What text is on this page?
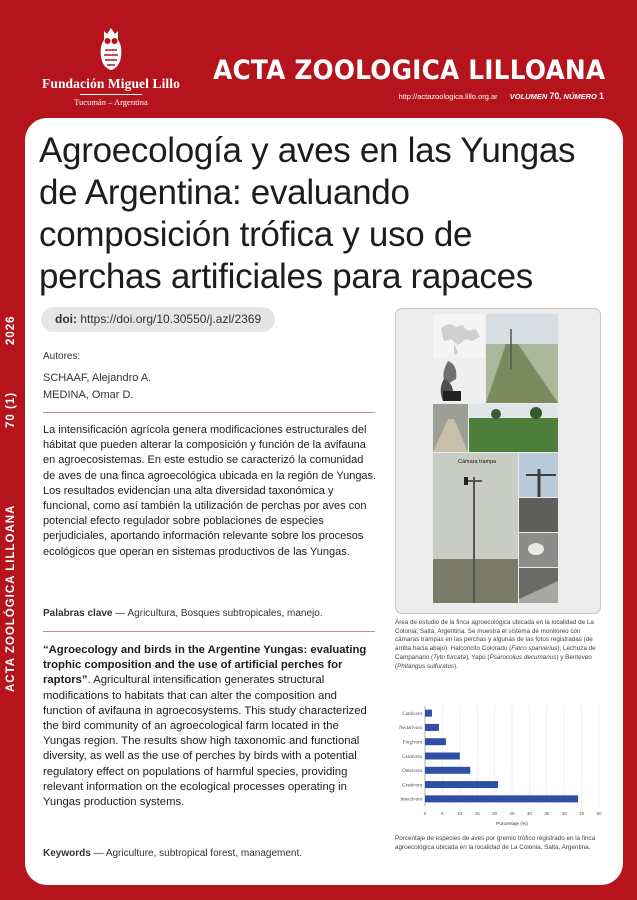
Fundación Miguel Lillo
Tucumán – Argentina
ACTA ZOOLOGICA LILLOANA
http://actazoologica.lillo.org.ar VOLUMEN 70, NÚMERO 1
2026
70 (1)
ACTA ZOOLÓGICA LILLOANA
Agroecología y aves en las Yungas de Argentina: evaluando composición trófica y uso de perchas artificiales para rapaces
doi: https://doi.org/10.30550/j.azl/2369
Autores:
SCHAAF, Alejandro A.
MEDINA, Omar D.
La intensificación agrícola genera modificaciones estructurales del hábitat que pueden alterar la composición y función de la avifauna en agroecosistemas. En este estudio se caracterizó la comunidad de aves de una finca agroecológica ubicada en la región de Yungas. Los resultados evidencian una alta diversidad taxonómica y funcional, como así también la utilización de perchas por aves con potencial efecto regulador sobre poblaciones de especies perjudiciales, aportando información relevante sobre los procesos ecológicos que operan en sistemas productivos de las Yungas.
Palabras clave — Agricultura, Bosques subtropicales, manejo.
“Agroecology and birds in the Argentine Yungas: evaluating trophic composition and the use of artificial perches for raptors”. Agricultural intensification generates structural modifications to habitats that can alter the composition and function of avifauna in agroecosystems. This study characterized the bird community of an agroecological farm located in the Yungas region. The results show high taxonomic and functional diversity, as well as the use of perches by birds with a potential regulatory effect on populations of harmful species, providing relevant information on the ecological processes operating in Yungas production systems.
Keywords — Agriculture, subtropical forest, management.
Cámara trampa
Área de estudio de la finca agroecológica ubicada en la localidad de La Colonia, Salta, Argentina. Se muestra el sistema de monitoreo con cámaras trampas en las perchas y algunas de las fotos registradas (de arriba hacia abajo): Halconcito Colorado (Falco sparverius), Lechuza de Campanario (Tyto furcata), Yapú (Psarocolius decumanus) y Benteveo (Phitangus sulfuratus).
0	5	10	15	20	25	30	35	40	45	50
Carnívoro
Nectarívoro
Frugívoro
Granívoro
Omnívoro
Granívoro
Insectívoro
Porcentaje (%)
Porcentaje de especies de aves por gremio trófico registrado en la finca agroecológica ubicada en la localidad de La Colonia, Salta, Argentina.
